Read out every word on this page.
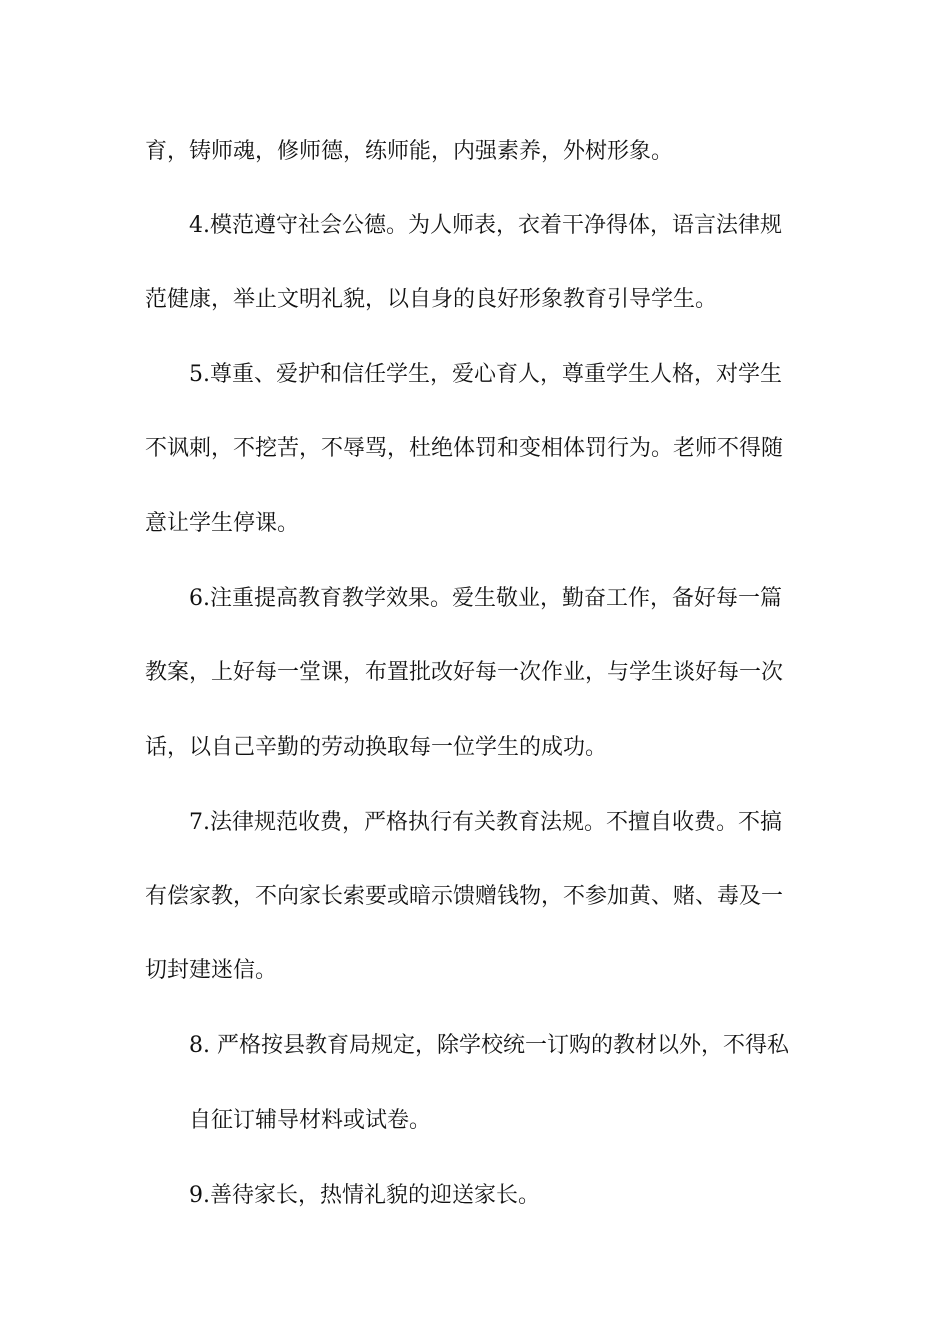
育，铸师魂，修师德，练师能，内强素养，外树形象。

4.模范遵守社会公德。为人师表，衣着干净得体，语言法律规

范健康，举止文明礼貌，以自身的良好形象教育引导学生。

5.尊重、爱护和信任学生，爱心育人，尊重学生人格，对学生

不讽刺，不挖苦，不辱骂，杜绝体罚和变相体罚行为。老师不得随

意让学生停课。

6.注重提高教育教学效果。爱生敬业，勤奋工作，备好每一篇

教案，上好每一堂课，布置批改好每一次作业，与学生谈好每一次

话，以自己辛勤的劳动换取每一位学生的成功。

7.法律规范收费，严格执行有关教育法规。不擅自收费。不搞

有偿家教，不向家长索要或暗示馈赠钱物，不参加黄、赌、毒及一

切封建迷信。

8. 严格按县教育局规定，除学校统一订购的教材以外，不得私

自征订辅导材料或试卷。

9.善待家长，热情礼貌的迎送家长。
